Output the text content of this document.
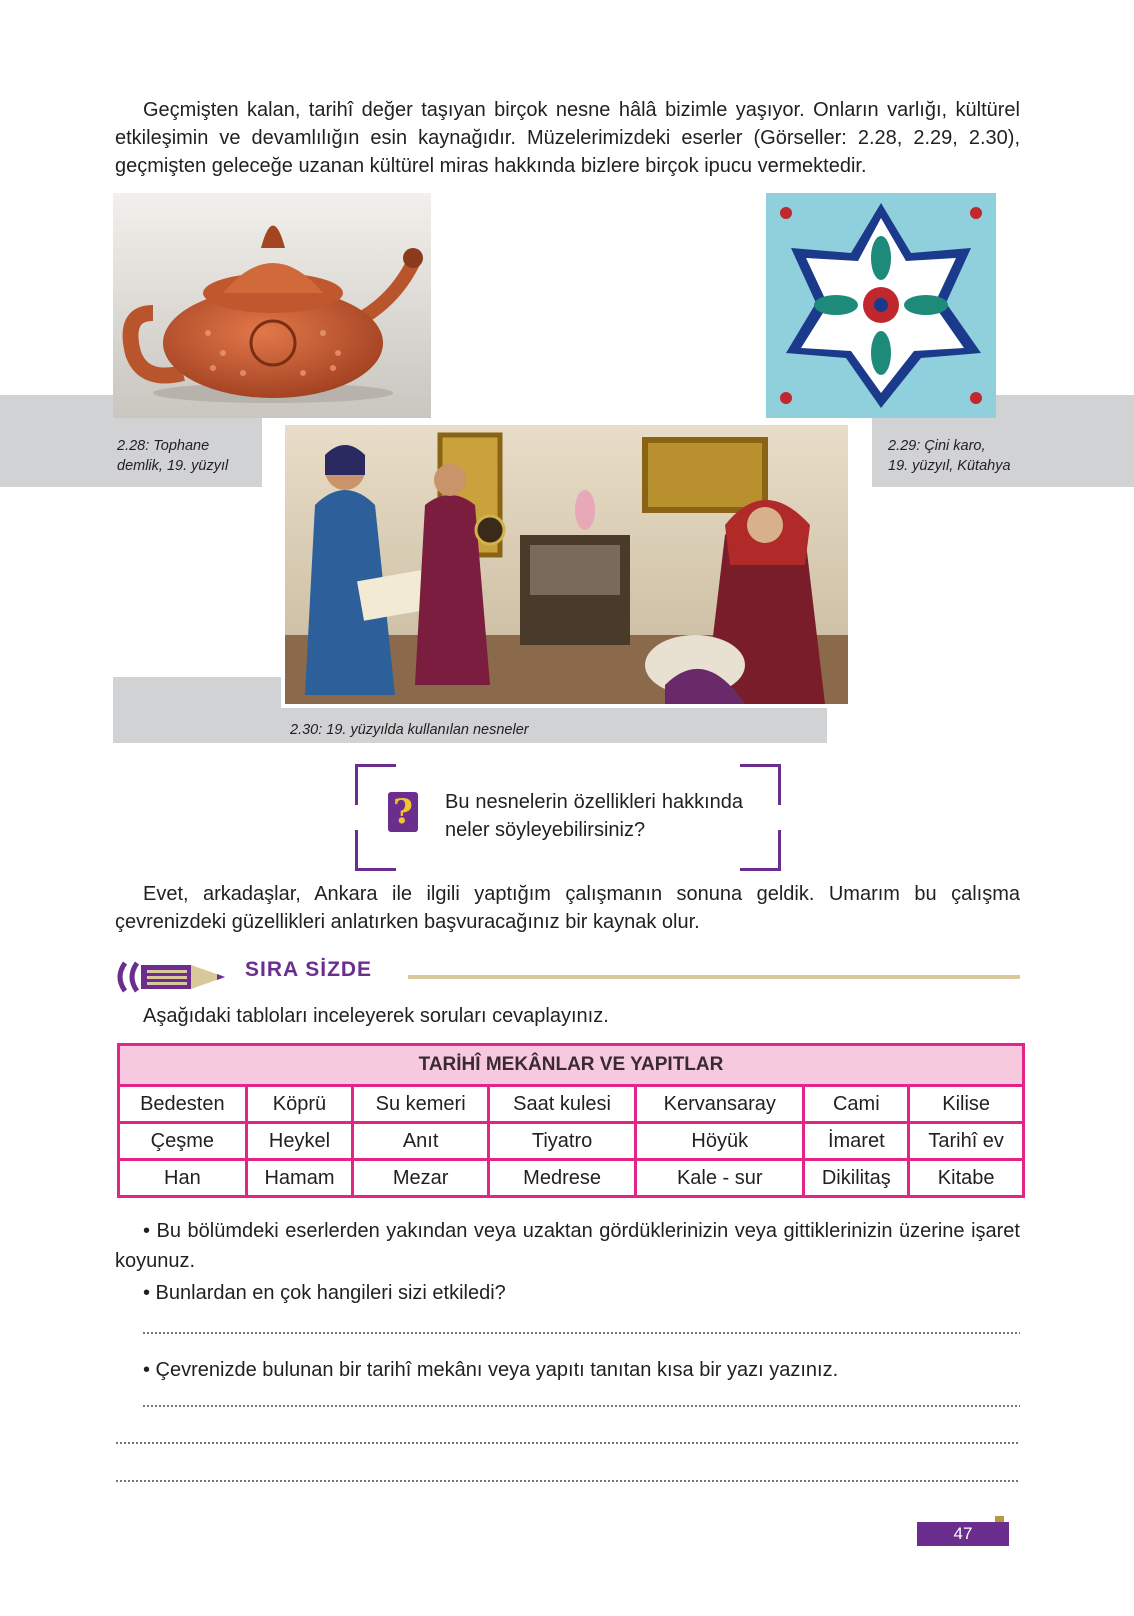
Geçmişten kalan, tarihî değer taşıyan birçok nesne hâlâ bizimle yaşıyor. Onların varlığı, kültürel etkileşimin ve devamlılığın esin kaynağıdır. Müzelerimizdeki eserler (Görseller: 2.28, 2.29, 2.30), geçmişten geleceğe uzanan kültürel miras hakkında bizlere birçok ipucu vermektedir.

2.28: Tophane
demlik, 19. yüzyıl
2.29: Çini karo,
19. yüzyıl, Kütahya
2.30: 19. yüzyılda kullanılan nesneler
? Bu nesnelerin özellikleri hakkında neler söyleyebilirsiniz?

Evet, arkadaşlar, Ankara ile ilgili yaptığım çalışmanın sonuna geldik. Umarım bu çalışma çevrenizdeki güzellikleri anlatırken başvuracağınız bir kaynak olur.

SIRA SİZDE

Aşağıdaki tabloları inceleyerek soruları cevaplayınız.

TARİHÎ MEKÂNLAR VE YAPITLAR						
Bedesten	Köprü	Su kemeri	Saat kulesi	Kervansaray	Cami	Kilise
Çeşme	Heykel	Anıt	Tiyatro	Höyük	İmaret	Tarihî ev
Han	Hamam	Mezar	Medrese	Kale - sur	Dikilitaş	Kitabe

• Bu bölümdeki eserlerden yakından veya uzaktan gördüklerinizin veya gittiklerinizin üzerine işaret koyunuz.

• Bunlardan en çok hangileri sizi etkiledi?

• Çevrenizde bulunan bir tarihî mekânı veya yapıtı tanıtan kısa bir yazı yazınız.

47
